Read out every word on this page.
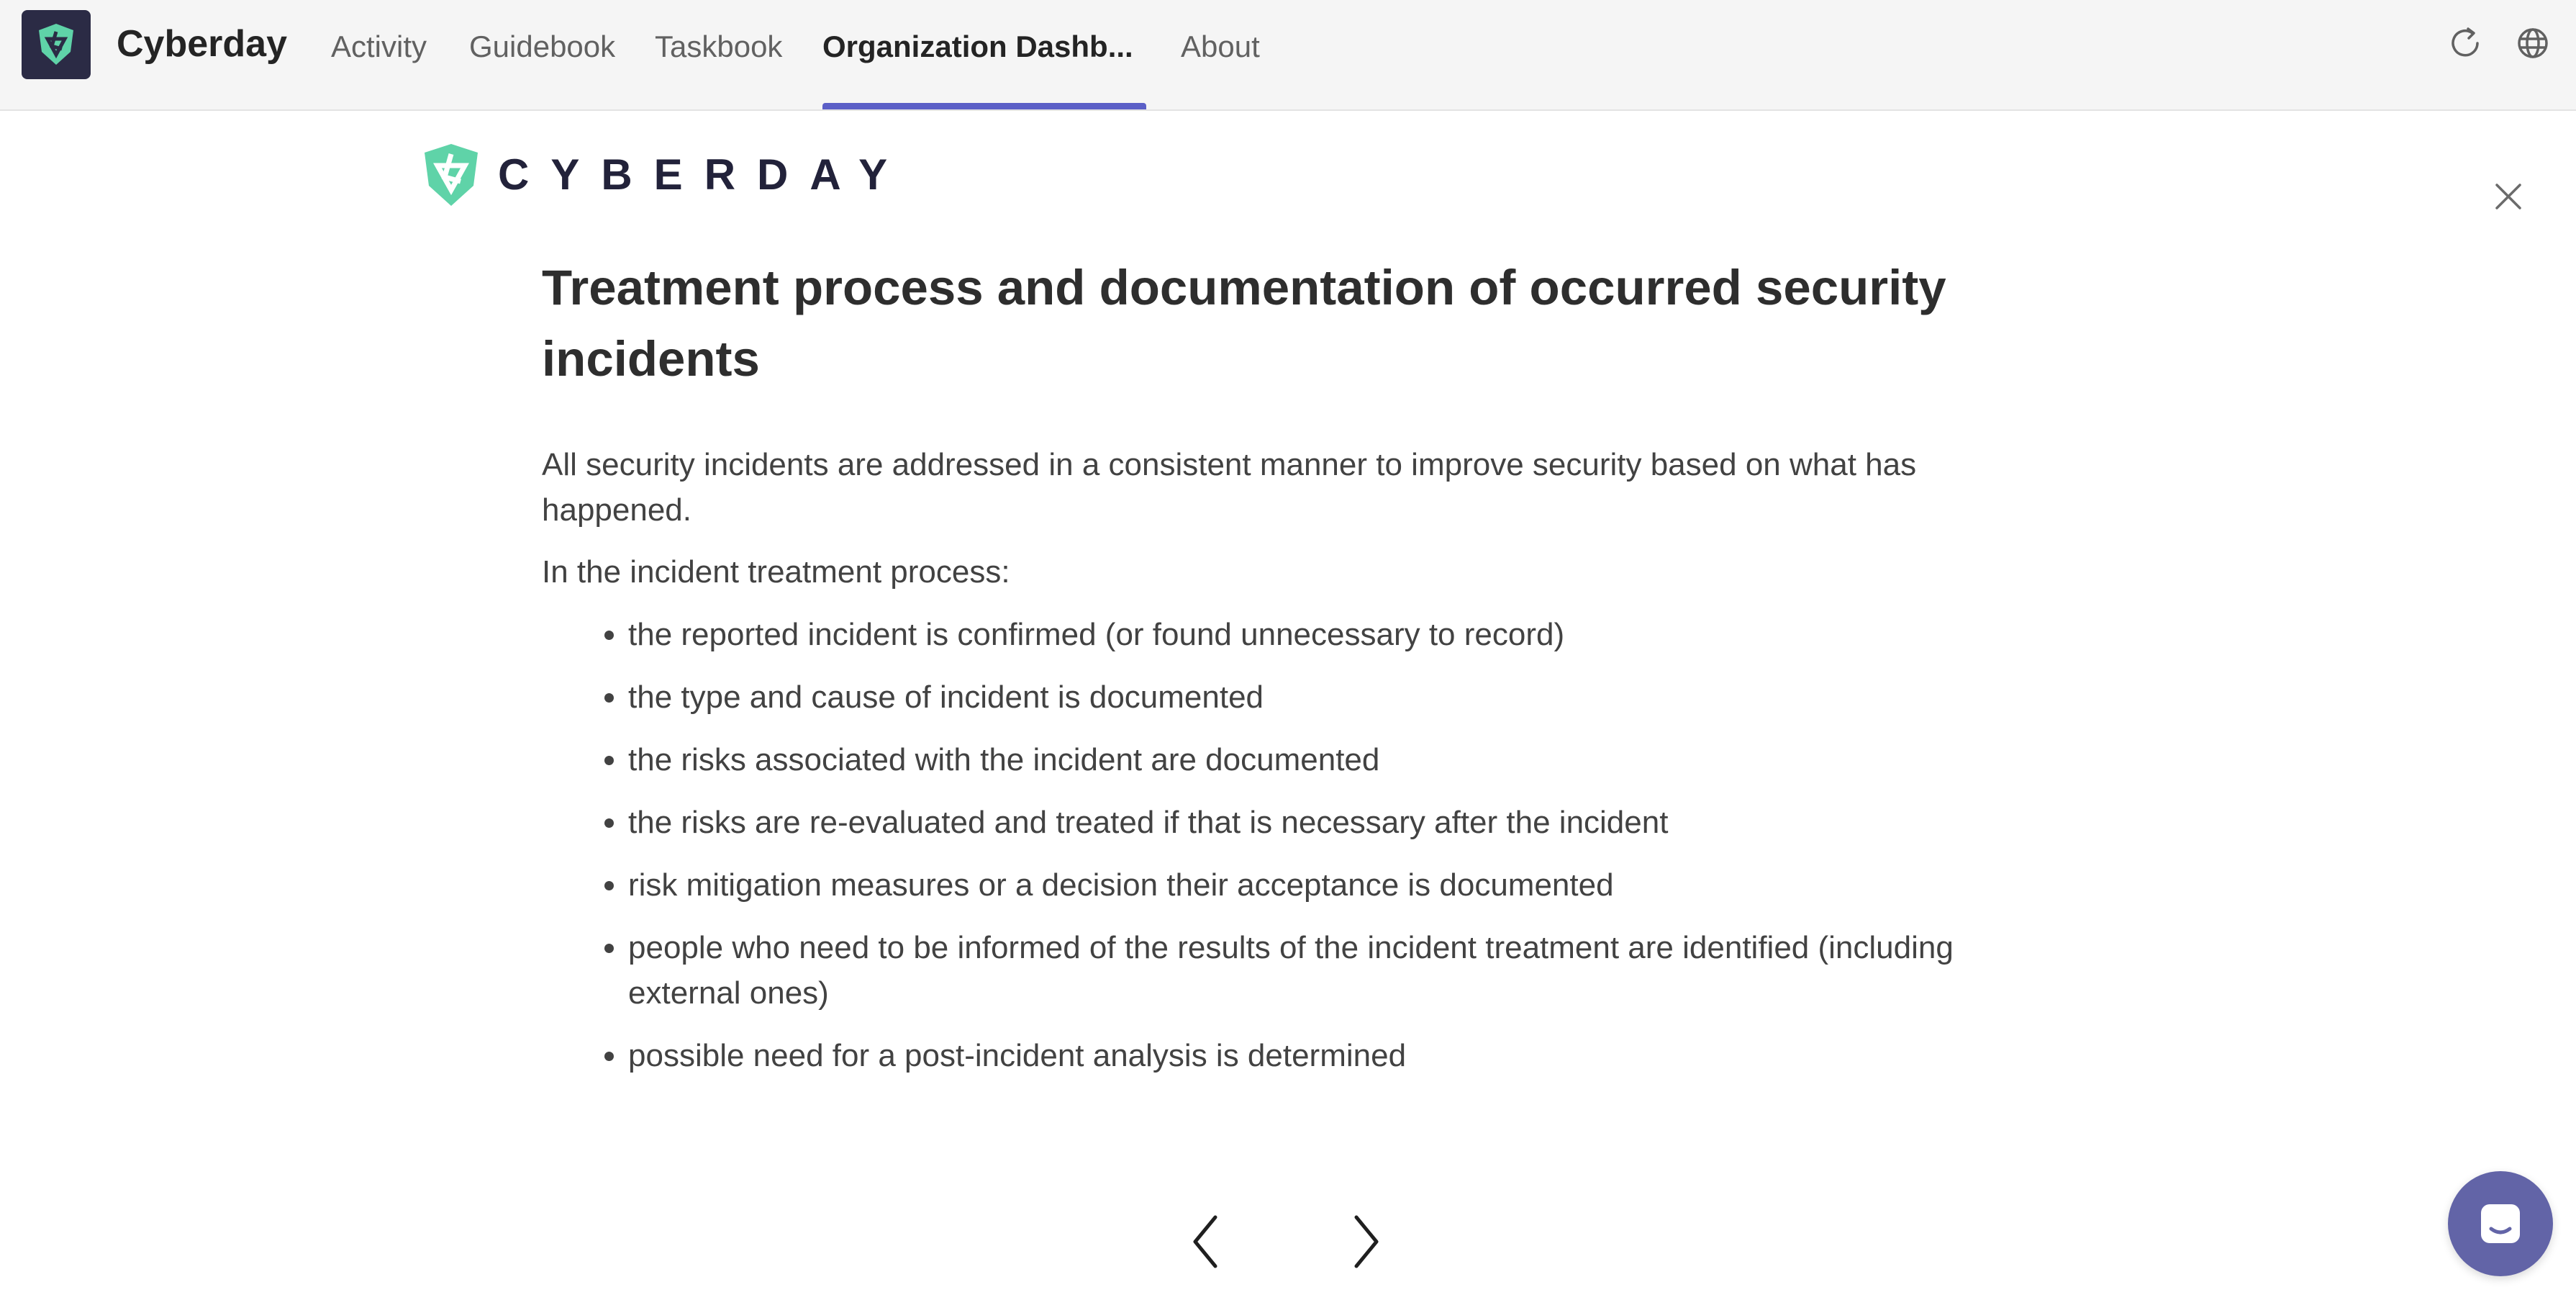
Cyberday Activity Guidebook Taskbook Organization Dashb... About
CYBERDAY
Treatment process and documentation of occurred security incidents

All security incidents are addressed in a consistent manner to improve security based on what has happened.

In the incident treatment process:

the reported incident is confirmed (or found unnecessary to record)
the type and cause of incident is documented
the risks associated with the incident are documented
the risks are re-evaluated and treated if that is necessary after the incident
risk mitigation measures or a decision their acceptance is documented
people who need to be informed of the results of the incident treatment are identified (including external ones)
possible need for a post-incident analysis is determined
